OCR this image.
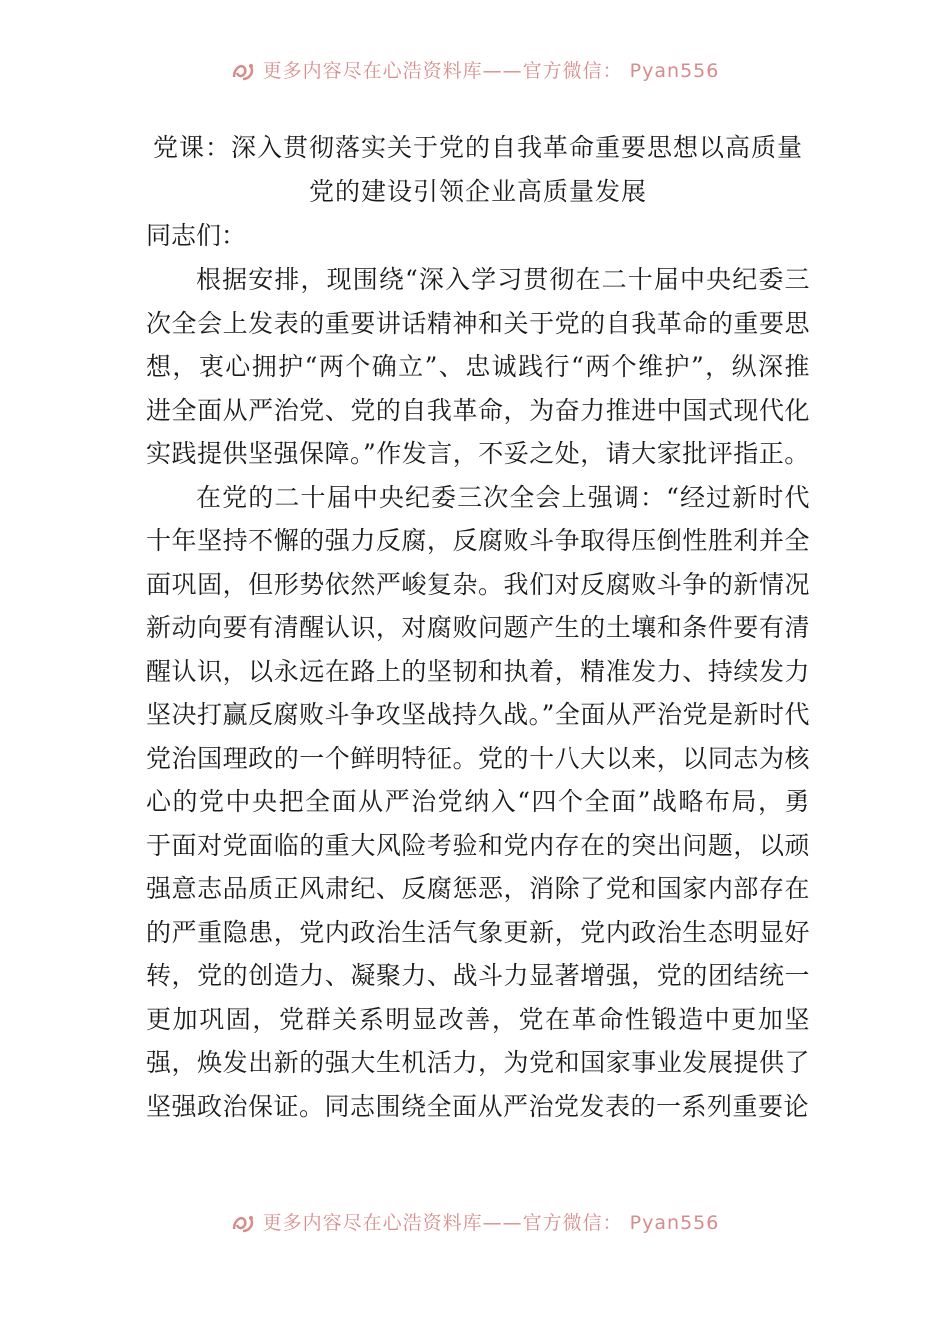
更多内容尽在心浩资料库——官方微信： Pyan556
党课：深入贯彻落实关于党的自我革命重要思想以高质量
党的建设引领企业高质量发展

同志们：

根据安排，现围绕“深入学习贯彻在二十届中央纪委三次全会上发表的重要讲话精神和关于党的自我革命的重要思想，衷心拥护“两个确立”、忠诚践行“两个维护”，纵深推进全面从严治党、党的自我革命，为奋力推进中国式现代化实践提供坚强保障。”作发言，不妥之处，请大家批评指正。

在党的二十届中央纪委三次全会上强调：“经过新时代十年坚持不懈的强力反腐，反腐败斗争取得压倒性胜利并全面巩固，但形势依然严峻复杂。我们对反腐败斗争的新情况新动向要有清醒认识，对腐败问题产生的土壤和条件要有清醒认识，以永远在路上的坚韧和执着，精准发力、持续发力坚决打赢反腐败斗争攻坚战持久战。”全面从严治党是新时代党治国理政的一个鲜明特征。党的十八大以来，以同志为核心的党中央把全面从严治党纳入“四个全面”战略布局，勇于面对党面临的重大风险考验和党内存在的突出问题，以顽强意志品质正风肃纪、反腐惩恶，消除了党和国家内部存在的严重隐患，党内政治生活气象更新，党内政治生态明显好转，党的创造力、凝聚力、战斗力显著增强，党的团结统一更加巩固，党群关系明显改善，党在革命性锻造中更加坚强，焕发出新的强大生机活力，为党和国家事业发展提供了坚强政治保证。同志围绕全面从严治党发表的一系列重要论

更多内容尽在心浩资料库——官方微信： Pyan556
